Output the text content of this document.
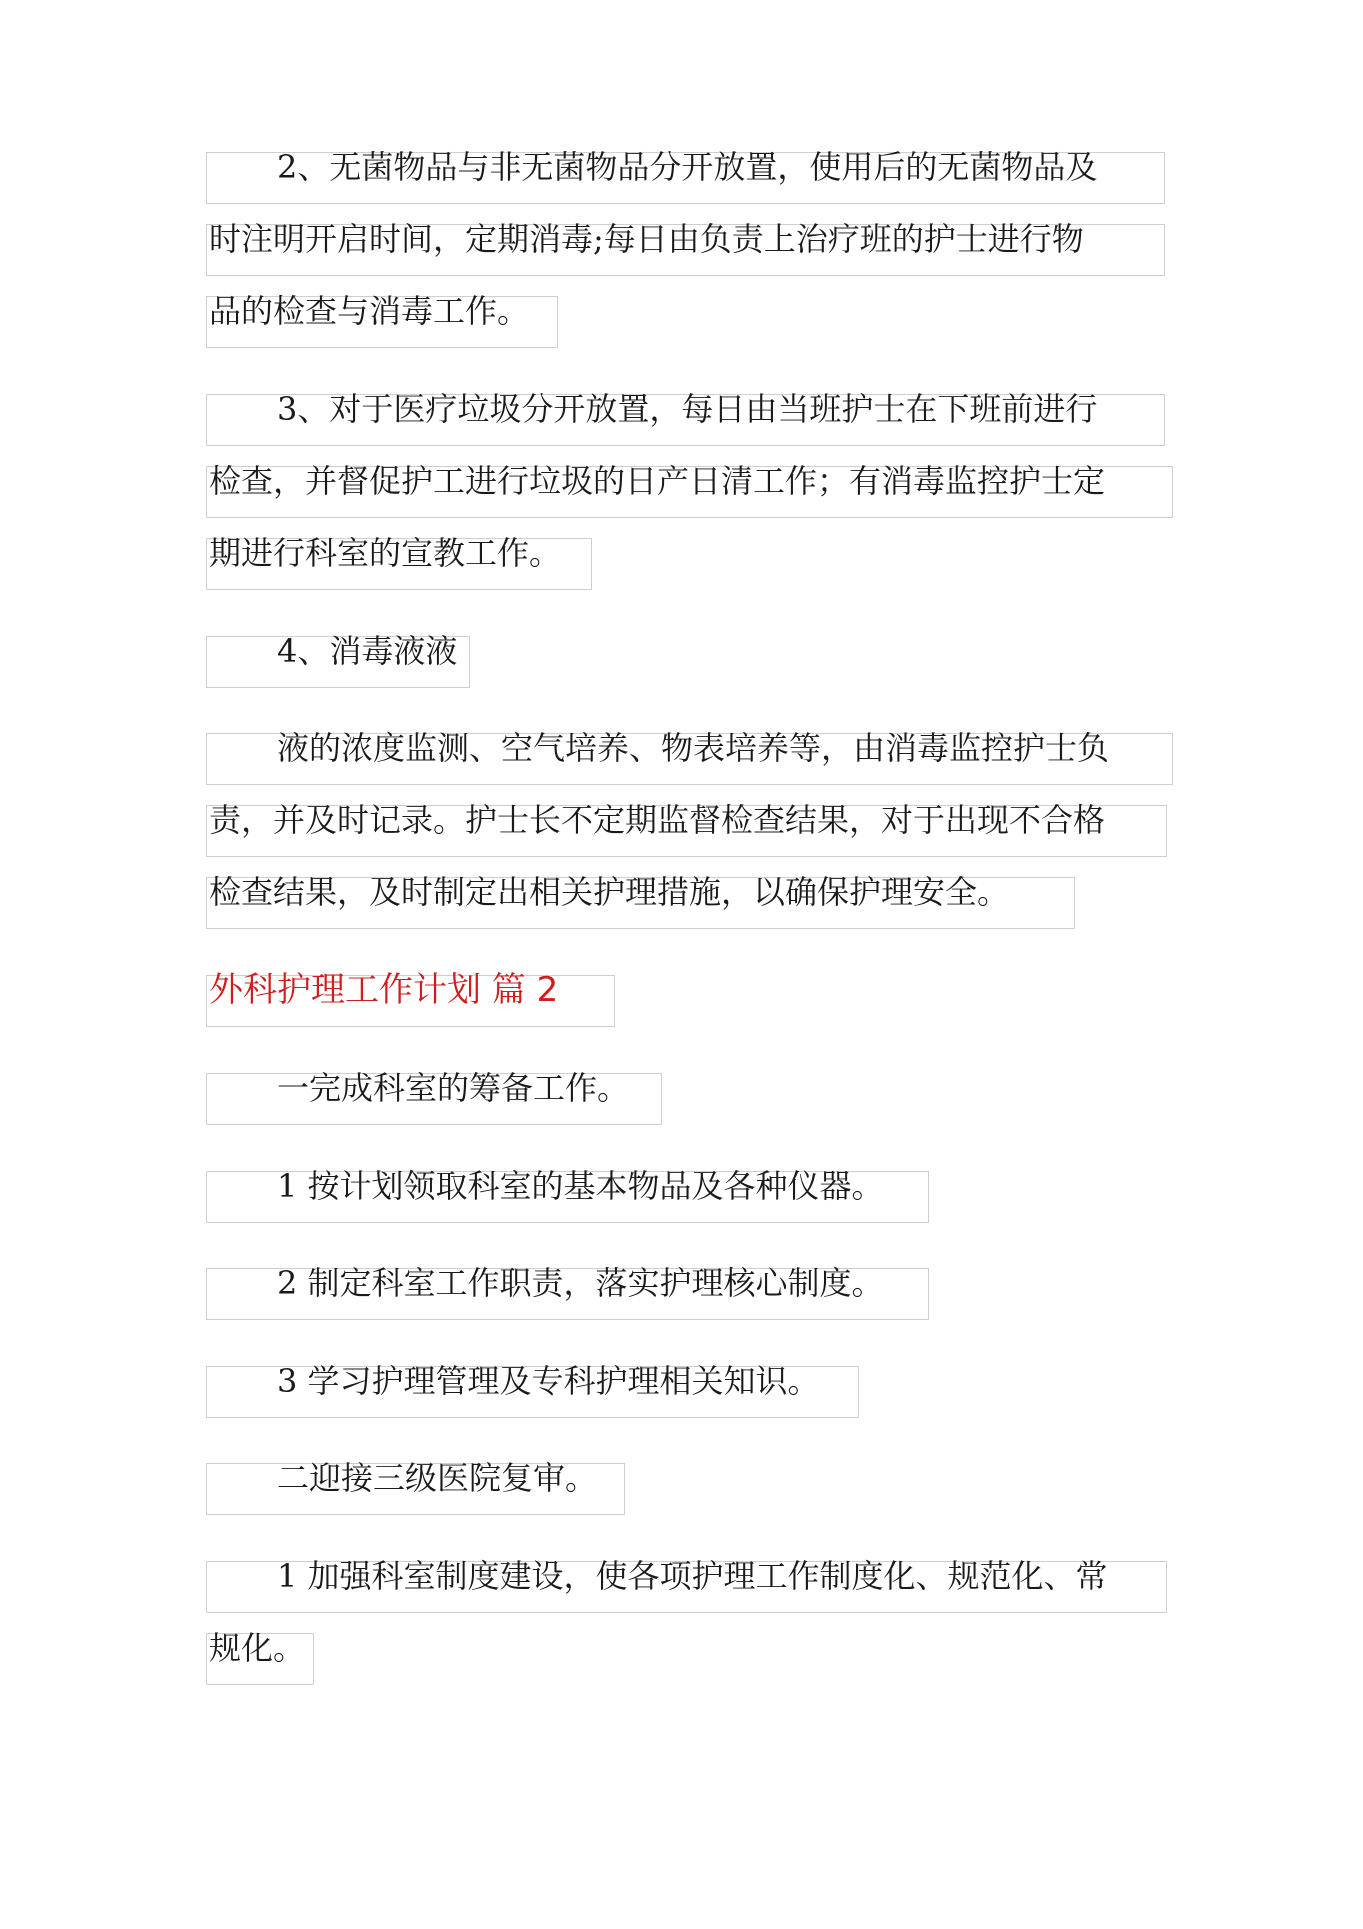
2、无菌物品与非无菌物品分开放置，使用后的无菌物品及
时注明开启时间，定期消毒;每日由负责上治疗班的护士进行物
品的检查与消毒工作。
3、对于医疗垃圾分开放置，每日由当班护士在下班前进行
检查，并督促护工进行垃圾的日产日清工作；有消毒监控护士定
期进行科室的宣教工作。
4、消毒液液
液的浓度监测、空气培养、物表培养等，由消毒监控护士负
责，并及时记录。护士长不定期监督检查结果，对于出现不合格
检查结果，及时制定出相关护理措施，以确保护理安全。
外科护理工作计划 篇 2
一完成科室的筹备工作。
1 按计划领取科室的基本物品及各种仪器。
2 制定科室工作职责，落实护理核心制度。
3 学习护理管理及专科护理相关知识。
二迎接三级医院复审。
1 加强科室制度建设，使各项护理工作制度化、规范化、常
规化。
